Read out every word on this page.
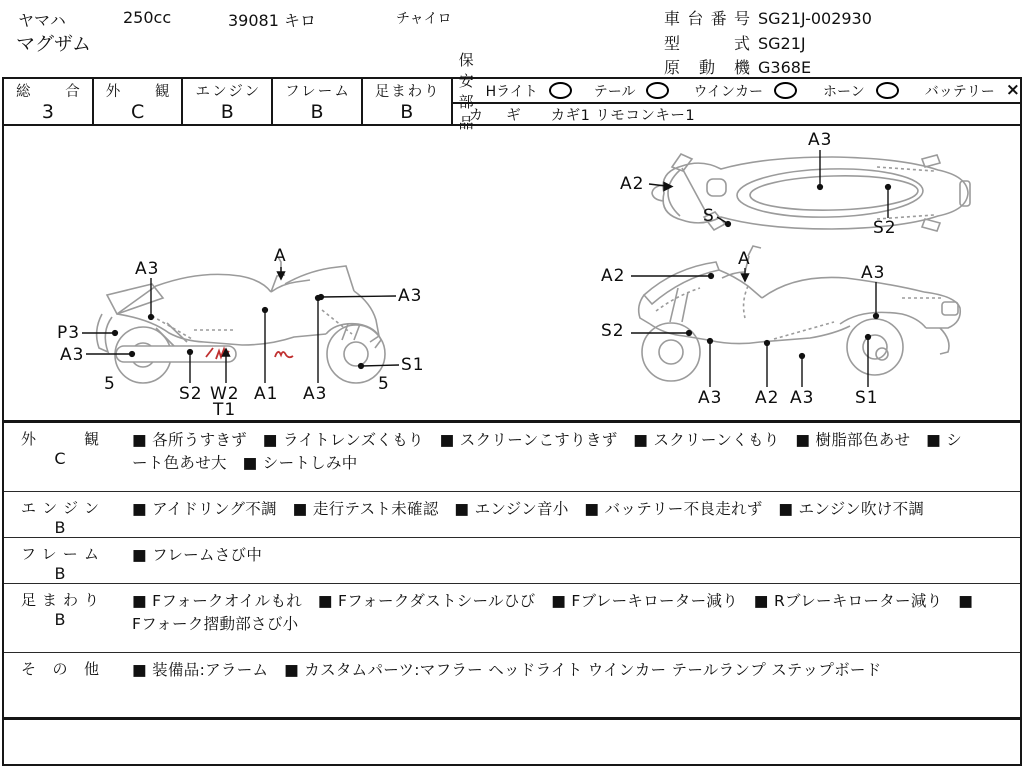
ヤマハ	250cc	39081 キロ	チャイロ
マグザム
車台番号 SG21J-002930
型式 SG21J
原動機 G368E
総合
3
外観
C
エンジン
B
フレーム
B
足まわり
B
保安部品
Hライト	テール	ウインカー	ホーン	バッテリー ×
カギ カギ1 リモコンキー1
A3
A
A3
P3
A3
5	S2 W2
T1
A1 A3	5
S1
A2
A3
S
S2
A2
A
A3
S2
A3 A2 A3 S1
外観
C
■ 各所うすきず　■ ライトレンズくもり　■ スクリーンこすりきず　■ スクリーンくもり　■ 樹脂部色あせ　■ シート色あせ大　■ シートしみ中
エンジン
B
■ アイドリング不調　■ 走行テスト未確認　■ エンジン音小　■ バッテリー不良走れず　■ エンジン吹け不調
フレーム
B
■ フレームさび中
足まわり
B
■ Fフォークオイルもれ　■ Fフォークダストシールひび　■ Fブレーキローター減り　■ Rブレーキローター減り　■ Fフォーク摺動部さび小
その他	■ 装備品:アラーム　■ カスタムパーツ:マフラー ヘッドライト ウインカー テールランプ ステップボード
